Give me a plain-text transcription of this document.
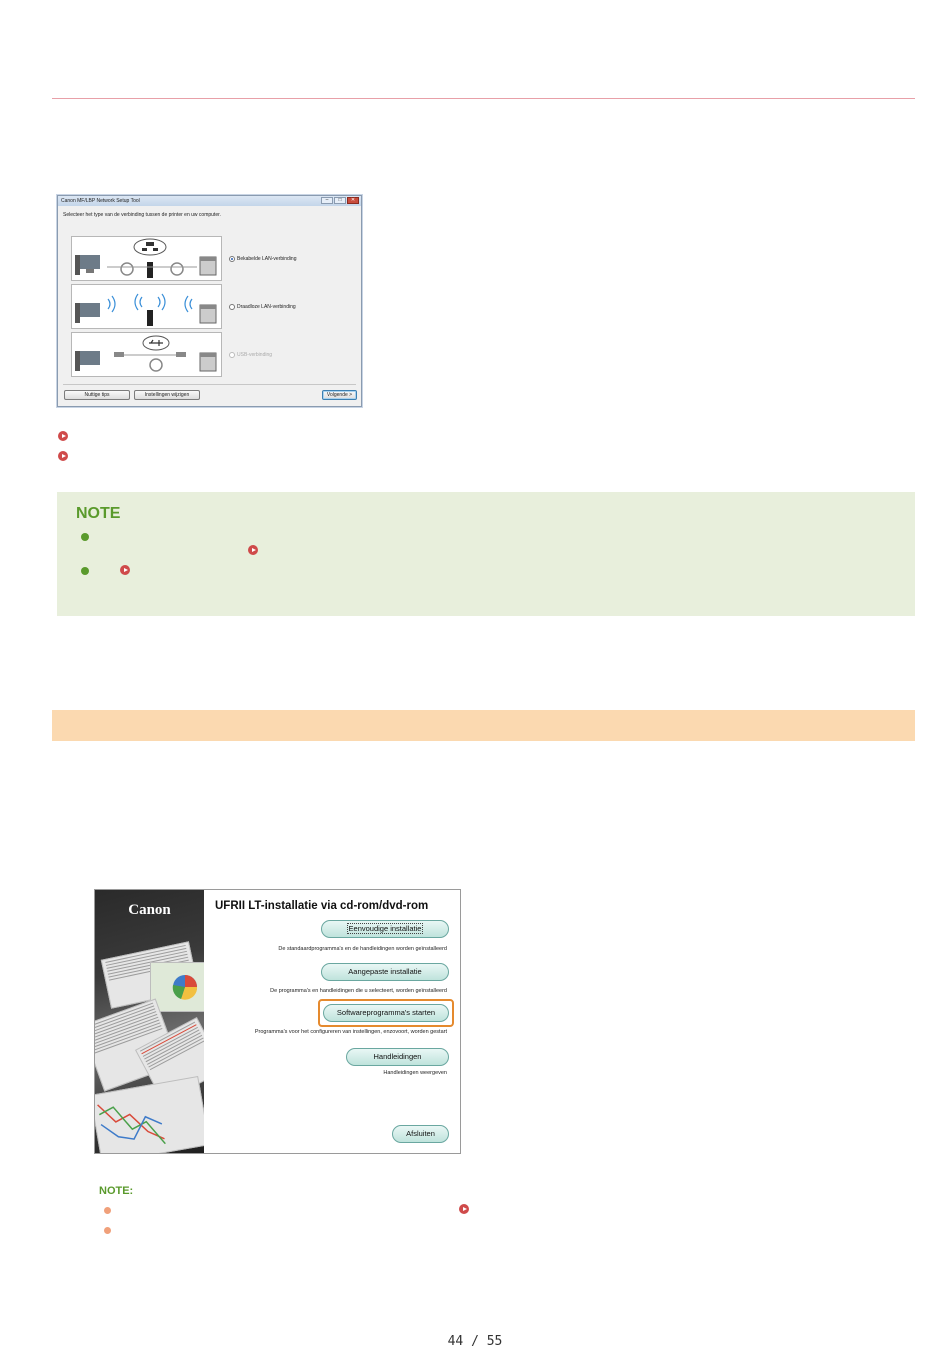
Canon MF/LBP Network Setup Tool	–	□	✕
Selecteer het type van de verbinding tussen de printer en uw computer.
Bekabelde LAN-verbinding
Draadloze LAN-verbinding
USB-verbinding
Nuttige tips	Instellingen wijzigen	Volgende >
NOTE
Canon	UFRII LT-installatie via cd-rom/dvd-rom
Eenvoudige installatie
De standaardprogramma's en de handleidingen worden geïnstalleerd
Aangepaste installatie
De programma's en handleidingen die u selecteert, worden geïnstalleerd
Softwareprogramma's starten
Programma's voor het configureren van instellingen, enzovoort, worden gestart
Handleidingen
Handleidingen weergeven
Afsluiten
NOTE:
44 / 55
